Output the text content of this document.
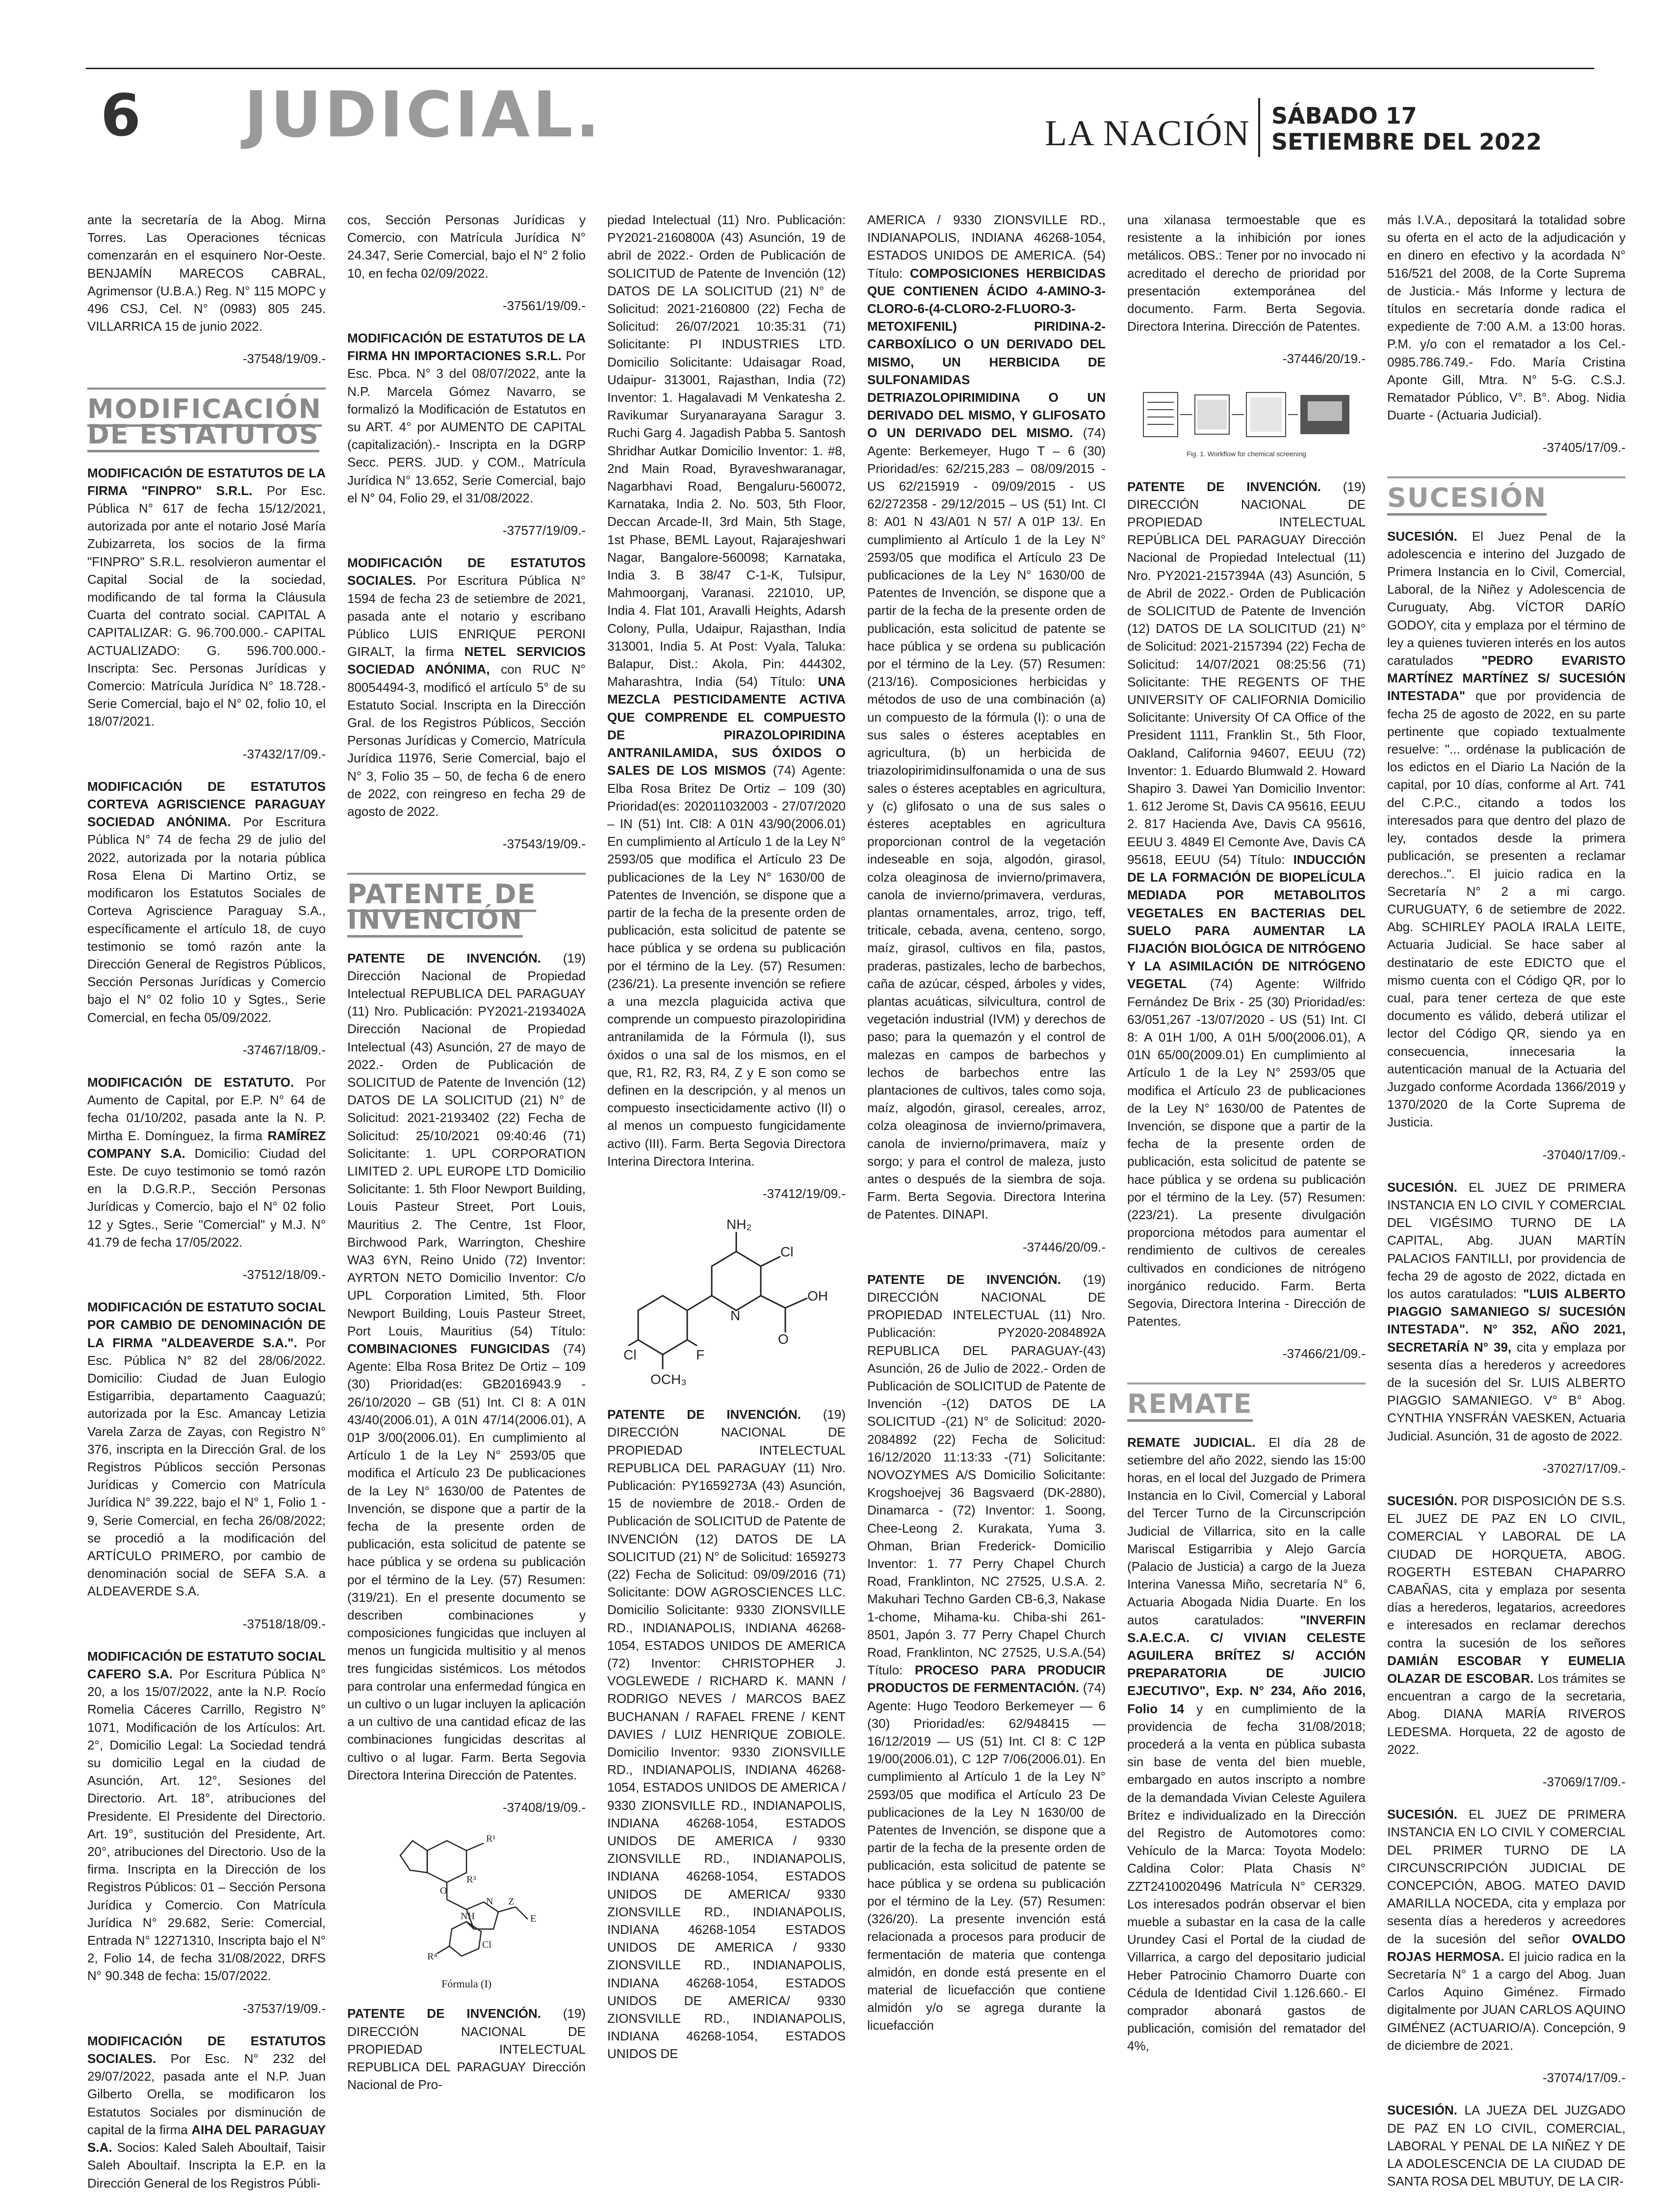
6 JUDICIAL.	LA NACIÓN SÁBADO 17
SETIEMBRE DEL 2022

ante la secretaría de la Abog. Mirna Torres. Las Operaciones técnicas comenzarán en el esquinero Nor-Oeste. BENJAMÍN MARECOS CABRAL, Agrimensor (U.B.A.) Reg. N° 115 MOPC y 496 CSJ, Cel. N° (0983) 805 245. VILLARRICA 15 de junio 2022.

-37548/19/09.-

MODIFICACIÓN DE ESTATUTOS

MODIFICACIÓN DE ESTATUTOS DE LA FIRMA "FINPRO" S.R.L. Por Esc. Pública N° 617 de fecha 15/12/2021, autorizada por ante el notario José María Zubizarreta, los socios de la firma "FINPRO" S.R.L. resolvieron aumentar el Capital Social de la sociedad, modificando de tal forma la Cláusula Cuarta del contrato social. CAPITAL A CAPITALIZAR: G. 96.700.000.- CAPITAL ACTUALIZADO: G. 596.700.000.- Inscripta: Sec. Personas Jurídicas y Comercio: Matrícula Jurídica N° 18.728.- Serie Comercial, bajo el N° 02, folio 10, el 18/07/2021.

-37432/17/09.-

MODIFICACIÓN DE ESTATUTOS CORTEVA AGRISCIENCE PARAGUAY SOCIEDAD ANÓNIMA. Por Escritura Pública N° 74 de fecha 29 de julio del 2022, autorizada por la notaria pública Rosa Elena Di Martino Ortiz, se modificaron los Estatutos Sociales de Corteva Agriscience Paraguay S.A., específicamente el artículo 18, de cuyo testimonio se tomó razón ante la Dirección General de Registros Públicos, Sección Personas Jurídicas y Comercio bajo el N° 02 folio 10 y Sgtes., Serie Comercial, en fecha 05/09/2022.

-37467/18/09.-

MODIFICACIÓN DE ESTATUTO. Por Aumento de Capital, por E.P. N° 64 de fecha 01/10/202, pasada ante la N. P. Mirtha E. Domínguez, la firma RAMÍREZ COMPANY S.A. Domicilio: Ciudad del Este. De cuyo testimonio se tomó razón en la D.G.R.P., Sección Personas Jurídicas y Comercio, bajo el N° 02 folio 12 y Sgtes., Serie "Comercial" y M.J. N° 41.79 de fecha 17/05/2022.

-37512/18/09.-

MODIFICACIÓN DE ESTATUTO SOCIAL POR CAMBIO DE DENOMINACIÓN DE LA FIRMA "ALDEAVERDE S.A.". Por Esc. Pública N° 82 del 28/06/2022. Domicilio: Ciudad de Juan Eulogio Estigarribia, departamento Caaguazú; autorizada por la Esc. Amancay Letizia Varela Zarza de Zayas, con Registro N° 376, inscripta en la Dirección Gral. de los Registros Públicos sección Personas Jurídicas y Comercio con Matrícula Jurídica N° 39.222, bajo el N° 1, Folio 1 - 9, Serie Comercial, en fecha 26/08/2022; se procedió a la modificación del ARTÍCULO PRIMERO, por cambio de denominación social de SEFA S.A. a ALDEAVERDE S.A.

-37518/18/09.-

MODIFICACIÓN DE ESTATUTO SOCIAL CAFERO S.A. Por Escritura Pública N° 20, a los 15/07/2022, ante la N.P. Rocío Romelia Cáceres Carrillo, Registro N° 1071, Modificación de los Artículos: Art. 2°, Domicilio Legal: La Sociedad tendrá su domicilio Legal en la ciudad de Asunción, Art. 12°, Sesiones del Directorio. Art. 18°, atribuciones del Presidente. El Presidente del Directorio. Art. 19°, sustitución del Presidente, Art. 20°, atribuciones del Directorio. Uso de la firma. Inscripta en la Dirección de los Registros Públicos: 01 – Sección Persona Jurídica y Comercio. Con Matrícula Jurídica N° 29.682, Serie: Comercial, Entrada N° 12271310, Inscripta bajo el N° 2, Folio 14, de fecha 31/08/2022, DRFS N° 90.348 de fecha: 15/07/2022.

-37537/19/09.-

MODIFICACIÓN DE ESTATUTOS SOCIALES. Por Esc. N° 232 del 29/07/2022, pasada ante el N.P. Juan Gilberto Orella, se modificaron los Estatutos Sociales por disminución de capital de la firma AIHA DEL PARAGUAY S.A. Socios: Kaled Saleh Aboultaif, Taisir Saleh Aboultaif. Inscripta la E.P. en la Dirección General de los Registros Públi-

cos, Sección Personas Jurídicas y Comercio, con Matrícula Jurídica N° 24.347, Serie Comercial, bajo el N° 2 folio 10, en fecha 02/09/2022.

-37561/19/09.-

MODIFICACIÓN DE ESTATUTOS DE LA FIRMA HN IMPORTACIONES S.R.L. Por Esc. Pbca. N° 3 del 08/07/2022, ante la N.P. Marcela Gómez Navarro, se formalizó la Modificación de Estatutos en su ART. 4° por AUMENTO DE CAPITAL (capitalización).- Inscripta en la DGRP Secc. PERS. JUD. y COM., Matrícula Jurídica N° 13.652, Serie Comercial, bajo el N° 04, Folio 29, el 31/08/2022.

-37577/19/09.-

MODIFICACIÓN DE ESTATUTOS SOCIALES. Por Escritura Pública N° 1594 de fecha 23 de setiembre de 2021, pasada ante el notario y escribano Público LUIS ENRIQUE PERONI GIRALT, la firma NETEL SERVICIOS SOCIEDAD ANÓNIMA, con RUC N° 80054494-3, modificó el artículo 5° de su Estatuto Social. Inscripta en la Dirección Gral. de los Registros Públicos, Sección Personas Jurídicas y Comercio, Matrícula Jurídica 11976, Serie Comercial, bajo el N° 3, Folio 35 – 50, de fecha 6 de enero de 2022, con reingreso en fecha 29 de agosto de 2022.

-37543/19/09.-

PATENTE DE INVENCIÓN

PATENTE DE INVENCIÓN. (19) Dirección Nacional de Propiedad Intelectual REPUBLICA DEL PARAGUAY (11) Nro. Publicación: PY2021-2193402A Dirección Nacional de Propiedad Intelectual (43) Asunción, 27 de mayo de 2022.- Orden de Publicación de SOLICITUD de Patente de Invención (12) DATOS DE LA SOLICITUD (21) N° de Solicitud: 2021-2193402 (22) Fecha de Solicitud: 25/10/2021 09:40:46 (71) Solicitante: 1. UPL CORPORATION LIMITED 2. UPL EUROPE LTD Domicilio Solicitante: 1. 5th Floor Newport Building, Louis Pasteur Street, Port Louis, Mauritius 2. The Centre, 1st Floor, Birchwood Park, Warrington, Cheshire WA3 6YN, Reino Unido (72) Inventor: AYRTON NETO Domicilio Inventor: C/o UPL Corporation Limited, 5th. Floor Newport Building, Louis Pasteur Street, Port Louis, Mauritius (54) Título: COMBINACIONES FUNGICIDAS (74) Agente: Elba Rosa Britez De Ortiz – 109 (30) Prioridad(es: GB2016943.9 - 26/10/2020 – GB (51) Int. Cl 8: A 01N 43/40(2006.01), A 01N 47/14(2006.01), A 01P 3/00(2006.01). En cumplimiento al Artículo 1 de la Ley N° 2593/05 que modifica el Artículo 23 De publicaciones de la Ley N° 1630/00 de Patentes de Invención, se dispone que a partir de la fecha de la presente orden de publicación, esta solicitud de patente se hace pública y se ordena su publicación por el término de la Ley. (57) Resumen: (319/21). En el presente documento se describen combinaciones y composiciones fungicidas que incluyen al menos un fungicida multisitio y al menos tres fungicidas sistémicos. Los métodos para controlar una enfermedad fúngica en un cultivo o un lugar incluyen la aplicación a un cultivo de una cantidad eficaz de las combinaciones fungicidas descritas al cultivo o al lugar. Farm. Berta Segovia Directora Interina Dirección de Patentes.

-37408/19/09.-

R¹
O
NH
N
E
Z
Cl
R⁴
R³
Fórmula (I)

PATENTE DE INVENCIÓN. (19) DIRECCIÓN NACIONAL DE PROPIEDAD INTELECTUAL REPUBLICA DEL PARAGUAY Dirección Nacional de Pro-

piedad Intelectual (11) Nro. Publicación: PY2021-2160800A (43) Asunción, 19 de abril de 2022.- Orden de Publicación de SOLICITUD de Patente de Invención (12) DATOS DE LA SOLICITUD (21) N° de Solicitud: 2021-2160800 (22) Fecha de Solicitud: 26/07/2021 10:35:31 (71) Solicitante: PI INDUSTRIES LTD. Domicilio Solicitante: Udaisagar Road, Udaipur- 313001, Rajasthan, India (72) Inventor: 1. Hagalavadi M Venkatesha 2. Ravikumar Suryanarayana Saragur 3. Ruchi Garg 4. Jagadish Pabba 5. Santosh Shridhar Autkar Domicilio Inventor: 1. #8, 2nd Main Road, Byraveshwaranagar, Nagarbhavi Road, Bengaluru-560072, Karnataka, India 2. No. 503, 5th Floor, Deccan Arcade-II, 3rd Main, 5th Stage, 1st Phase, BEML Layout, Rajarajeshwari Nagar, Bangalore-560098; Karnataka, India 3. B 38/47 C-1-K, Tulsipur, Mahmoorganj, Varanasi. 221010, UP, India 4. Flat 101, Aravalli Heights, Adarsh Colony, Pulla, Udaipur, Rajasthan, India 313001, India 5. At Post: Vyala, Taluka: Balapur, Dist.: Akola, Pin: 444302, Maharashtra, India (54) Título: UNA MEZCLA PESTICIDAMENTE ACTIVA QUE COMPRENDE EL COMPUESTO DE PIRAZOLOPIRIDINA ANTRANILAMIDA, SUS ÓXIDOS O SALES DE LOS MISMOS (74) Agente: Elba Rosa Britez De Ortiz – 109 (30) Prioridad(es: 202011032003 - 27/07/2020 – IN (51) Int. Cl8: A 01N 43/90(2006.01) En cumplimiento al Artículo 1 de la Ley N° 2593/05 que modifica el Artículo 23 De publicaciones de la Ley N° 1630/00 de Patentes de Invención, se dispone que a partir de la fecha de la presente orden de publicación, esta solicitud de patente se hace pública y se ordena su publicación por el término de la Ley. (57) Resumen: (236/21). La presente invención se refiere a una mezcla plaguicida activa que comprende un compuesto pirazolopiridina antranilamida de la Fórmula (I), sus óxidos o una sal de los mismos, en el que, R1, R2, R3, R4, Z y E son como se definen en la descripción, y al menos un compuesto insecticidamente activo (II) o al menos un compuesto fungicidamente activo (III). Farm. Berta Segovia Directora Interina Directora Interina.

-37412/19/09.-

NH₂
Cl
N
O
OH
Cl	F
OCH₃

PATENTE DE INVENCIÓN. (19) DIRECCIÓN NACIONAL DE PROPIEDAD INTELECTUAL REPUBLICA DEL PARAGUAY (11) Nro. Publicación: PY1659273A (43) Asunción, 15 de noviembre de 2018.- Orden de Publicación de SOLICITUD de Patente de INVENCIÓN (12) DATOS DE LA SOLICITUD (21) N° de Solicitud: 1659273 (22) Fecha de Solicitud: 09/09/2016 (71) Solicitante: DOW AGROSCIENCES LLC. Domicilio Solicitante: 9330 ZIONSVILLE RD., INDIANAPOLIS, INDIANA 46268-1054, ESTADOS UNIDOS DE AMERICA (72) Inventor: CHRISTOPHER J. VOGLEWEDE / RICHARD K. MANN / RODRIGO NEVES / MARCOS BAEZ BUCHANAN / RAFAEL FRENE / KENT DAVIES / LUIZ HENRIQUE ZOBIOLE. Domicilio Inventor: 9330 ZIONSVILLE RD., INDIANAPOLIS, INDIANA 46268-1054, ESTADOS UNIDOS DE AMERICA / 9330 ZIONSVILLE RD., INDIANAPOLIS, INDIANA 46268-1054, ESTADOS UNIDOS DE AMERICA / 9330 ZIONSVILLE RD., INDIANAPOLIS, INDIANA 46268-1054, ESTADOS UNIDOS DE AMERICA/ 9330 ZIONSVILLE RD., INDIANAPOLIS, INDIANA 46268-1054 ESTADOS UNIDOS DE AMERICA / 9330 ZIONSVILLE RD., INDIANAPOLIS, INDIANA 46268-1054, ESTADOS UNIDOS DE AMERICA/ 9330 ZIONSVILLE RD., INDIANAPOLIS, INDIANA 46268-1054, ESTADOS UNIDOS DE

AMERICA / 9330 ZIONSVILLE RD., INDIANAPOLIS, INDIANA 46268-1054, ESTADOS UNIDOS DE AMERICA. (54) Título: COMPOSICIONES HERBICIDAS QUE CONTIENEN ÁCIDO 4-AMINO-3-CLORO-6-(4-CLORO-2-FLUORO-3-METOXIFENIL) PIRIDINA-2-CARBOXÍLICO O UN DERIVADO DEL MISMO, UN HERBICIDA DE SULFONAMIDAS DETRIAZOLOPIRIMIDINA O UN DERIVADO DEL MISMO, Y GLIFOSATO O UN DERIVADO DEL MISMO. (74) Agente: Berkemeyer, Hugo T – 6 (30) Prioridad/es: 62/215,283 – 08/09/2015 - US 62/215919 - 09/09/2015 - US 62/272358 - 29/12/2015 – US (51) Int. Cl 8: A01 N 43/A01 N 57/ A 01P 13/. En cumplimiento al Artículo 1 de la Ley N° 2593/05 que modifica el Artículo 23 De publicaciones de la Ley N° 1630/00 de Patentes de Invención, se dispone que a partir de la fecha de la presente orden de publicación, esta solicitud de patente se hace pública y se ordena su publicación por el término de la Ley. (57) Resumen: (213/16). Composiciones herbicidas y métodos de uso de una combinación (a) un compuesto de la fórmula (I): o una de sus sales o ésteres aceptables en agricultura, (b) un herbicida de triazolopirimidinsulfonamida o una de sus sales o ésteres aceptables en agricultura, y (c) glifosato o una de sus sales o ésteres aceptables en agricultura proporcionan control de la vegetación indeseable en soja, algodón, girasol, colza oleaginosa de invierno/primavera, canola de invierno/primavera, verduras, plantas ornamentales, arroz, trigo, teff, triticale, cebada, avena, centeno, sorgo, maíz, girasol, cultivos en fila, pastos, praderas, pastizales, lecho de barbechos, caña de azúcar, césped, árboles y vides, plantas acuáticas, silvicultura, control de vegetación industrial (IVM) y derechos de paso; para la quemazón y el control de malezas en campos de barbechos y lechos de barbechos entre las plantaciones de cultivos, tales como soja, maíz, algodón, girasol, cereales, arroz, colza oleaginosa de invierno/primavera, canola de invierno/primavera, maíz y sorgo; y para el control de maleza, justo antes o después de la siembra de soja. Farm. Berta Segovia. Directora Interina de Patentes. DINAPI.

-37446/20/09.-

PATENTE DE INVENCIÓN. (19) DIRECCIÓN NACIONAL DE PROPIEDAD INTELECTUAL (11) Nro. Publicación: PY2020-2084892A REPUBLICA DEL PARAGUAY-(43) Asunción, 26 de Julio de 2022.- Orden de Publicación de SOLICITUD de Patente de Invención -(12) DATOS DE LA SOLICITUD -(21) N° de Solicitud: 2020-2084892 (22) Fecha de Solicitud: 16/12/2020 11:13:33 -(71) Solicitante: NOVOZYMES A/S Domicilio Solicitante: Krogshoejvej 36 Bagsvaerd (DK-2880), Dinamarca - (72) Inventor: 1. Soong, Chee-Leong 2. Kurakata, Yuma 3. Ohman, Brian Frederick- Domicilio Inventor: 1. 77 Perry Chapel Church Road, Franklinton, NC 27525, U.S.A. 2. Makuhari Techno Garden CB-6,3, Nakase 1-chome, Mihama-ku. Chiba-shi 261-8501, Japón 3. 77 Perry Chapel Church Road, Franklinton, NC 27525, U.S.A.(54) Título: PROCESO PARA PRODUCIR PRODUCTOS DE FERMENTACIÓN. (74) Agente: Hugo Teodoro Berkemeyer — 6 (30) Prioridad/es: 62/948415 — 16/12/2019 — US (51) Int. Cl 8: C 12P 19/00(2006.01), C 12P 7/06(2006.01). En cumplimiento al Artículo 1 de la Ley N° 2593/05 que modifica el Artículo 23 De publicaciones de la Ley N 1630/00 de Patentes de Invención, se dispone que a partir de la fecha de la presente orden de publicación, esta solicitud de patente se hace pública y se ordena su publicación por el término de la Ley. (57) Resumen: (326/20). La presente invención está relacionada a procesos para producir de fermentación de materia que contenga almidón, en donde está presente en el material de licuefacción que contiene almidón y/o se agrega durante la licuefacción

una xilanasa termoestable que es resistente a la inhibición por iones metálicos. OBS.: Tener por no invocado ni acreditado el derecho de prioridad por presentación extemporánea del documento. Farm. Berta Segovia. Directora Interina. Dirección de Patentes.

-37446/20/19.-

Fig. 1. Workflow for chemical screening

PATENTE DE INVENCIÓN. (19) DIRECCIÓN NACIONAL DE PROPIEDAD INTELECTUAL REPÚBLICA DEL PARAGUAY Dirección Nacional de Propiedad Intelectual (11) Nro. PY2021-2157394A (43) Asunción, 5 de Abril de 2022.- Orden de Publicación de SOLICITUD de Patente de Invención (12) DATOS DE LA SOLICITUD (21) N° de Solicitud: 2021-2157394 (22) Fecha de Solicitud: 14/07/2021 08:25:56 (71) Solicitante: THE REGENTS OF THE UNIVERSITY OF CALIFORNIA Domicilio Solicitante: University Of CA Office of the President 1111, Franklin St., 5th Floor, Oakland, California 94607, EEUU (72) Inventor: 1. Eduardo Blumwald 2. Howard Shapiro 3. Dawei Yan Domicilio Inventor: 1. 612 Jerome St, Davis CA 95616, EEUU 2. 817 Hacienda Ave, Davis CA 95616, EEUU 3. 4849 El Cemonte Ave, Davis CA 95618, EEUU (54) Título: INDUCCIÓN DE LA FORMACIÓN DE BIOPELÍCULA MEDIADA POR METABOLITOS VEGETALES EN BACTERIAS DEL SUELO PARA AUMENTAR LA FIJACIÓN BIOLÓGICA DE NITRÓGENO Y LA ASIMILACIÓN DE NITRÓGENO VEGETAL (74) Agente: Wilfrido Fernández De Brix - 25 (30) Prioridad/es: 63/051,267 -13/07/2020 - US (51) Int. Cl 8: A 01H 1/00, A 01H 5/00(2006.01), A 01N 65/00(2009.01) En cumplimiento al Artículo 1 de la Ley N° 2593/05 que modifica el Artículo 23 de publicaciones de la Ley N° 1630/00 de Patentes de Invención, se dispone que a partir de la fecha de la presente orden de publicación, esta solicitud de patente se hace pública y se ordena su publicación por el término de la Ley. (57) Resumen: (223/21). La presente divulgación proporciona métodos para aumentar el rendimiento de cultivos de cereales cultivados en condiciones de nitrógeno inorgánico reducido. Farm. Berta Segovia, Directora Interina - Dirección de Patentes.

-37466/21/09.-

REMATE

REMATE JUDICIAL. El día 28 de setiembre del año 2022, siendo las 15:00 horas, en el local del Juzgado de Primera Instancia en lo Civil, Comercial y Laboral del Tercer Turno de la Circunscripción Judicial de Villarrica, sito en la calle Mariscal Estigarribia y Alejo García (Palacio de Justicia) a cargo de la Jueza Interina Vanessa Miño, secretaría N° 6, Actuaria Abogada Nidia Duarte. En los autos caratulados:	"INVERFIN S.A.E.C.A. C/ VIVIAN CELESTE AGUILERA BRÍTEZ S/ ACCIÓN PREPARATORIA DE JUICIO EJECUTIVO", Exp. N° 234, Año 2016, Folio 14 y en cumplimiento de la providencia de fecha 31/08/2018; procederá a la venta en pública subasta sin base de venta del bien mueble, embargado en autos inscripto a nombre de la demandada Vivian Celeste Aguilera Brítez e individualizado en la Dirección del Registro de Automotores como: Vehículo de la Marca: Toyota Modelo: Caldina Color: Plata Chasis N° ZZT2410020496 Matrícula N° CER329. Los interesados podrán observar el bien mueble a subastar en la casa de la calle Urundey Casi el Portal de la ciudad de Villarrica, a cargo del depositario judicial Heber Patrocinio Chamorro Duarte con Cédula de Identidad Civil 1.126.660.- El comprador abonará gastos de publicación, comisión del rematador del 4%,

más I.V.A., depositará la totalidad sobre su oferta en el acto de la adjudicación y en dinero en efectivo y la acordada N° 516/521 del 2008, de la Corte Suprema de Justicia.- Más Informe y lectura de títulos en secretaría donde radica el expediente de 7:00 A.M. a 13:00 horas. P.M. y/o con el rematador a los Cel.- 0985.786.749.- Fdo. María Cristina Aponte Gill, Mtra. N° 5-G. C.S.J. Rematador Público, V°. B°. Abog. Nidia Duarte - (Actuaria Judicial).

-37405/17/09.-

SUCESIÓN

SUCESIÓN. El Juez Penal de la adolescencia e interino del Juzgado de Primera Instancia en lo Civil, Comercial, Laboral, de la Niñez y Adolescencia de Curuguaty, Abg. VÍCTOR DARÍO GODOY, cita y emplaza por el término de ley a quienes tuvieren interés en los autos caratulados "PEDRO EVARISTO MARTÍNEZ MARTÍNEZ S/ SUCESIÓN INTESTADA" que por providencia de fecha 25 de agosto de 2022, en su parte pertinente que copiado textualmente resuelve: "... ordénase la publicación de los edictos en el Diario La Nación de la capital, por 10 días, conforme al Art. 741 del C.P.C., citando a todos los interesados para que dentro del plazo de ley, contados desde la primera publicación, se presenten a reclamar derechos..". El juicio radica en la Secretaría N° 2 a mi cargo. CURUGUATY, 6 de setiembre de 2022. Abg. SCHIRLEY PAOLA IRALA LEITE, Actuaria Judicial. Se hace saber al destinatario de este EDICTO que el mismo cuenta con el Código QR, por lo cual, para tener certeza de que este documento es válido, deberá utilizar el lector del Código QR, siendo ya en consecuencia, innecesaria la autenticación manual de la Actuaria del Juzgado conforme Acordada 1366/2019 y 1370/2020 de la Corte Suprema de Justicia.

-37040/17/09.-

SUCESIÓN. EL JUEZ DE PRIMERA INSTANCIA EN LO CIVIL Y COMERCIAL DEL VIGÉSIMO TURNO DE LA CAPITAL, Abg. JUAN MARTÍN PALACIOS FANTILLI, por providencia de fecha 29 de agosto de 2022, dictada en los autos caratulados: "LUIS ALBERTO PIAGGIO SAMANIEGO S/ SUCESIÓN INTESTADA". N° 352, AÑO 2021, SECRETARÍA N° 39, cita y emplaza por sesenta días a herederos y acreedores de la sucesión del Sr. LUIS ALBERTO PIAGGIO SAMANIEGO. V° B° Abog. CYNTHIA YNSFRÁN VAESKEN, Actuaria Judicial. Asunción, 31 de agosto de 2022.

-37027/17/09.-

SUCESIÓN. POR DISPOSICIÓN DE S.S. EL JUEZ DE PAZ EN LO CIVIL, COMERCIAL Y LABORAL DE LA CIUDAD DE HORQUETA, ABOG. ROGERTH ESTEBAN CHAPARRO CABAÑAS, cita y emplaza por sesenta días a herederos, legatarios, acreedores e interesados en reclamar derechos contra la sucesión de los señores DAMIÁN ESCOBAR Y EUMELIA OLAZAR DE ESCOBAR. Los trámites se encuentran a cargo de la secretaria, Abog. DIANA MARÍA RIVEROS LEDESMA. Horqueta, 22 de agosto de 2022.

-37069/17/09.-

SUCESIÓN. EL JUEZ DE PRIMERA INSTANCIA EN LO CIVIL Y COMERCIAL DEL PRIMER TURNO DE LA CIRCUNSCRIPCIÓN JUDICIAL DE CONCEPCIÓN, ABOG. MATEO DAVID AMARILLA NOCEDA, cita y emplaza por sesenta días a herederos y acreedores de la sucesión del señor OVALDO ROJAS HERMOSA. El juicio radica en la Secretaría N° 1 a cargo del Abog. Juan Carlos Aquino Giménez. Firmado digitalmente por JUAN CARLOS AQUINO GIMÉNEZ (ACTUARIO/A). Concepción, 9 de diciembre de 2021.

-37074/17/09.-

SUCESIÓN. LA JUEZA DEL JUZGADO DE PAZ EN LO CIVIL, COMERCIAL, LABORAL Y PENAL DE LA NIÑEZ Y DE LA ADOLESCENCIA DE LA CIUDAD DE SANTA ROSA DEL MBUTUY, DE LA CIR-
